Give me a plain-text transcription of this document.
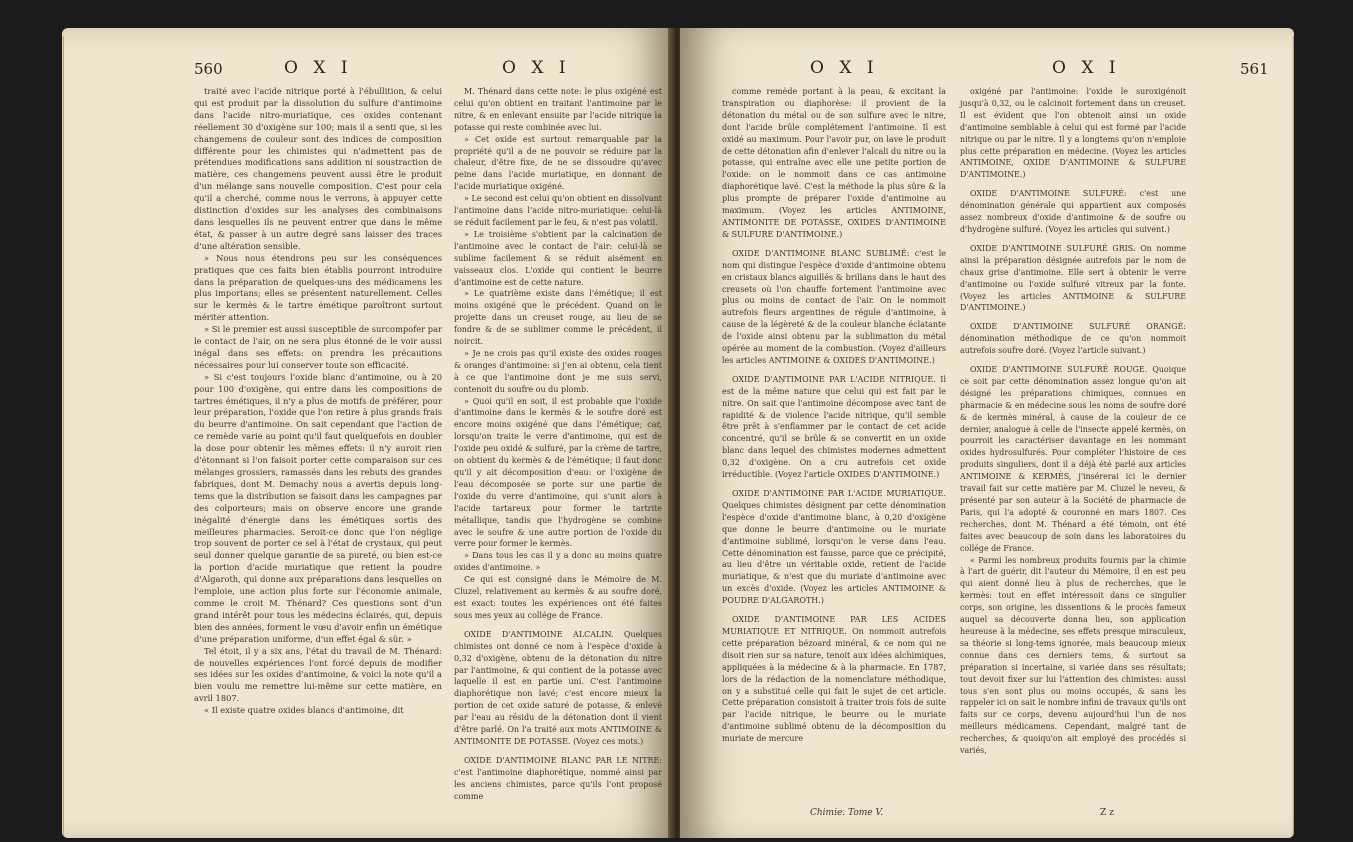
560	O X I	O X I

traité avec l'acide nitrique porté à l'ébullition, & celui qui est produit par la dissolution du sulfure d'antimoine dans l'acide nitro-muriatique, ces oxides contenant réellement 30 d'oxigène sur 100; mais il a senti que, si les changemens de couleur sont des indices de composition différente pour les chimistes qui n'admettent pas de prétendues modifications sans addition ni soustraction de matière, ces changemens peuvent aussi être le produit d'un mélange sans nouvelle composition. C'est pour cela qu'il a cherché, comme nous le verrons, à appuyer cette distinction d'oxides sur les analyses des combinaisons dans lesquelles ils ne peuvent entrer que dans le même état, & passer à un autre degré sans laisser des traces d'une altération sensible.

» Nous nous étendrons peu sur les conséquences pratiques que ces faits bien établis pourront introduire dans la préparation de quelques-uns des médicamens les plus importans; elles se présentent naturellement. Celles sur le kermès & le tartre émétique paroîtront surtout mériter attention.

» Si le premier est aussi susceptible de surcompofer par le contact de l'air, on ne sera plus étonné de le voir aussi inégal dans ses effets: on prendra les précautions nécessaires pour lui conserver toute son efficacité.

» Si c'est toujours l'oxide blanc d'antimoine, ou à 20 pour 100 d'oxigène, qui entre dans les compositions de tartres émétiques, il n'y a plus de motifs de préférer, pour leur préparation, l'oxide que l'on retire à plus grands frais du beurre d'antimoine. On sait cependant que l'action de ce remède varie au point qu'il faut quelquefois en doubler la dose pour obtenir les mêmes effets: il n'y auroit rien d'étonnant si l'on faisoit porter cette comparaison sur ces mélanges grossiers, ramassés dans les rebuts des grandes fabriques, dont M. Demachy nous a avertis depuis long-tems que la distribution se faisoit dans les campagnes par des colporteurs; mais on observe encore une grande inégalité d'énergie dans les émétiques sortis des meilleures pharmacies. Seroit-ce donc que l'on néglige trop souvent de porter ce sel à l'état de crystaux, qui peut seul donner quelque garantie de sa pureté, ou bien est-ce la portion d'acide muriatique que retient la poudre d'Algaroth, qui donne aux préparations dans lesquelles on l'emploie, une action plus forte sur l'économie animale, comme le croit M. Thénard? Ces questions sont d'un grand intérêt pour tous les médecins éclairés, qui, depuis bien des années, forment le vœu d'avoir enfin un émétique d'une préparation uniforme, d'un effet égal & sûr. »

Tel étoit, il y a six ans, l'état du travail de M. Thénard: de nouvelles expériences l'ont forcé depuis de modifier ses idées sur les oxides d'antimoine, & voici la note qu'il a bien voulu me remettre lui-même sur cette matière, en avril 1807.

« Il existe quatre oxides blancs d'antimoine, dit

M. Thénard dans cette note: le plus oxigéné est celui qu'on obtient en traitant l'antimoine par le nitre, & en enlevant ensuite par l'acide nitrique la potasse qui reste combinée avec lui.

» Cet oxide est surtout remarquable par la propriété qu'il a de ne pouvoir se réduire par la chaleur, d'être fixe, de ne se dissoudre qu'avec peine dans l'acide muriatique, en donnant de l'acide muriatique oxigéné.

» Le second est celui qu'on obtient en dissolvant l'antimoine dans l'acide nitro-muriatique: celui-là se réduit facilement par le feu, & n'est pas volatil.

» Le troisième s'obtient par la calcination de l'antimoine avec le contact de l'air: celui-là se sublime facilement & se réduit aisément en vaisseaux clos. L'oxide qui contient le beurre d'antimoine est de cette nature.

» Le quatrième existe dans l'émétique; il est moins oxigéné que le précédent. Quand on le projette dans un creuset rouge, au lieu de se fondre & de se sublimer comme le précédent, il noircit.

» Je ne crois pas qu'il existe des oxides rouges & oranges d'antimoine: si j'en ai obtenu, cela tient à ce que l'antimoine dont je me suis servi, contenoit du soufre ou du plomb.

» Quoi qu'il en soit, il est probable que l'oxide d'antimoine dans le kermès & le soufre doré est encore moins oxigéné que dans l'émétique; car, lorsqu'on traite le verre d'antimoine, qui est de l'oxide peu oxidé & sulfuré, par la crème de tartre, on obtient du kermès & de l'émétique; il faut donc qu'il y ait décomposition d'eau: or l'oxigène de l'eau décomposée se porte sur une partie de l'oxide du verre d'antimoine, qui s'unit alors à l'acide tartareux pour former le tartrite métallique, tandis que l'hydrogène se combine avec le soufre & une autre portion de l'oxide du verre pour former le kermès.

» Dans tous les cas il y a donc au moins quatre oxides d'antimoine. »

Ce qui est consigné dans le Mémoire de M. Cluzel, relativement au kermès & au soufre doré, est exact: toutes les expériences ont été faites sous mes yeux au collége de France.

OXIDE D'ANTIMOINE ALCALIN. Quelques chimistes ont donné ce nom à l'espèce d'oxide à 0,32 d'oxigène, obtenu de la détonation du nitre par l'antimoine, & qui contient de la potasse avec laquelle il est en partie uni. C'est l'antimoine diaphorétique non lavé; c'est encore mieux la portion de cet oxide saturé de potasse, & enlevé par l'eau au résidu de la détonation dont il vient d'être parlé. On l'a traité aux mots ANTIMOINE & ANTIMONITE DE POTASSE. (Voyez ces mots.)

OXIDE D'ANTIMOINE BLANC PAR LE NITRE: c'est l'antimoine diaphorétique, nommé ainsi par les anciens chimistes, parce qu'ils l'ont proposé comme

O X I	O X I	561

comme remède portant à la peau, & excitant la transpiration ou diaphorèse: il provient de la détonation du métal ou de son sulfure avec le nitre, dont l'acide brûle complétement l'antimoine. Il est oxidé au maximum. Pour l'avoir pur, on lave le produit de cette détonation afin d'enlever l'alcali du nitre ou la potasse, qui entraîne avec elle une petite portion de l'oxide: on le nommoit dans ce cas antimoine diaphorétique lavé. C'est la méthode la plus sûre & la plus prompte de préparer l'oxide d'antimoine au maximum. (Voyez les articles ANTIMOINE, ANTIMONITE DE POTASSE, OXIDES D'ANTIMOINE & SULFURE D'ANTIMOINE.)

OXIDE D'ANTIMOINE BLANC SUBLIMÉ: c'est le nom qui distingue l'espèce d'oxide d'antimoine obtenu en cristaux blancs aiguillés & brillans dans le haut des creusets où l'on chauffe fortement l'antimoine avec plus ou moins de contact de l'air. On le nommoit autrefois fleurs argentines de régule d'antimoine, à cause de la légèreté & de la couleur blanche éclatante de l'oxide ainsi obtenu par la sublimation du métal opérée au moment de la combustion. (Voyez d'ailleurs les articles ANTIMOINE & OXIDES D'ANTIMOINE.)

OXIDE D'ANTIMOINE PAR L'ACIDE NITRIQUE. Il est de la même nature que celui qui est fait par le nitre. On sait que l'antimoine décompose avec tant de rapidité & de violence l'acide nitrique, qu'il semble être prêt à s'enflammer par le contact de cet acide concentré, qu'il se brûle & se convertit en un oxide blanc dans lequel des chimistes modernes admettent 0,32 d'oxigène. On a cru autrefois cet oxide irréductible. (Voyez l'article OXIDES D'ANTIMOINE.)

OXIDE D'ANTIMOINE PAR L'ACIDE MURIATIQUE. Quelques chimistes désignent par cette dénomination l'espèce d'oxide d'antimoine blanc, à 0,20 d'oxigène que donne le beurre d'antimoine ou le muriate d'antimoine sublimé, lorsqu'on le verse dans l'eau. Cette dénomination est fausse, parce que ce précipité, au lieu d'être un véritable oxide, retient de l'acide muriatique, & n'est que du muriate d'antimoine avec un excès d'oxide. (Voyez les articles ANTIMOINE & POUDRE D'ALGAROTH.)

OXIDE D'ANTIMOINE PAR LES ACIDES MURIATIQUE ET NITRIQUE. On nommoit autrefois cette préparation bézoard minéral, & ce nom qui ne disoit rien sur sa nature, tenoit aux idées alchimiques, appliquées à la médecine & à la pharmacie. En 1787, lors de la rédaction de la nomenclature méthodique, on y a substitué celle qui fait le sujet de cet article. Cette préparation consistoit à traiter trois fois de suite par l'acide nitrique, le beurre ou le muriate d'antimoine sublimé obtenu de la décomposition du muriate de mercure

oxigéné par l'antimoine: l'oxide le suroxigénoit jusqu'à 0,32, ou le calcinoit fortement dans un creuset. Il est évident que l'on obtenoit ainsi un oxide d'antimoine semblable à celui qui est formé par l'acide nitrique ou par le nitre. Il y a longtems qu'on n'emploie plus cette préparation en médecine. (Voyez les articles ANTIMOINE, OXIDE D'ANTIMOINE & SULFURE D'ANTIMOINE.)

OXIDE D'ANTIMOINE SULFURÉ: c'est une dénomination générale qui appartient aux composés assez nombreux d'oxide d'antimoine & de soufre ou d'hydrogène sulfuré. (Voyez les articles qui suivent.)

OXIDE D'ANTIMOINE SULFURÉ GRIS. On nomme ainsi la préparation désignée autrefois par le nom de chaux grise d'antimoine. Elle sert à obtenir le verre d'antimoine ou l'oxide sulfuré vitreux par la fonte. (Voyez les articles ANTIMOINE & SULFURE D'ANTIMOINE.)

OXIDE D'ANTIMOINE SULFURÉ ORANGÉ: dénomination méthodique de ce qu'on nommoit autrefois soufre doré. (Voyez l'article suivant.)

OXIDE D'ANTIMOINE SULFURÉ ROUGE. Quoique ce soit par cette dénomination assez longue qu'on ait désigné les préparations chimiques, connues en pharmacie & en médecine sous les noms de soufre doré & de kermès minéral, à cause de la couleur de ce dernier, analogue à celle de l'insecte appelé kermès, on pourroit les caractériser davantage en les nommant oxides hydrosulfurés. Pour compléter l'histoire de ces produits singuliers, dont il a déjà été parlé aux articles ANTIMOINE & KERMÈS, j'insérerai ici le dernier travail fait sur cette matière par M. Cluzel le neveu, & présenté par son auteur à la Société de pharmacie de Paris, qui l'a adopté & couronné en mars 1807. Ces recherches, dont M. Thénard a été témoin, ont été faites avec beaucoup de soin dans les laboratoires du collége de France.

« Parmi les nombreux produits fournis par la chimie à l'art de guérir, dit l'auteur du Mémoire, il en est peu qui aient donné lieu à plus de recherches, que le kermès: tout en effet intéressoit dans ce singulier corps, son origine, les dissentions & le procès fameux auquel sa découverte donna lieu, son application heureuse à la médecine, ses effets presque miraculeux, sa théorie si long-tems ignorée, mais beaucoup mieux connue dans ces derniers tems, & surtout sa préparation si incertaine, si variée dans ses résultats; tout devoit fixer sur lui l'attention des chimistes: aussi tous s'en sont plus ou moins occupés, & sans les rappeler ici on sait le nombre infini de travaux qu'ils ont faits sur ce corps, devenu aujourd'hui l'un de nos meilleurs médicamens. Cependant, malgré tant de recherches, & quoiqu'on ait employé des procédés si variés,

Chimie. Tome V.	Z z
